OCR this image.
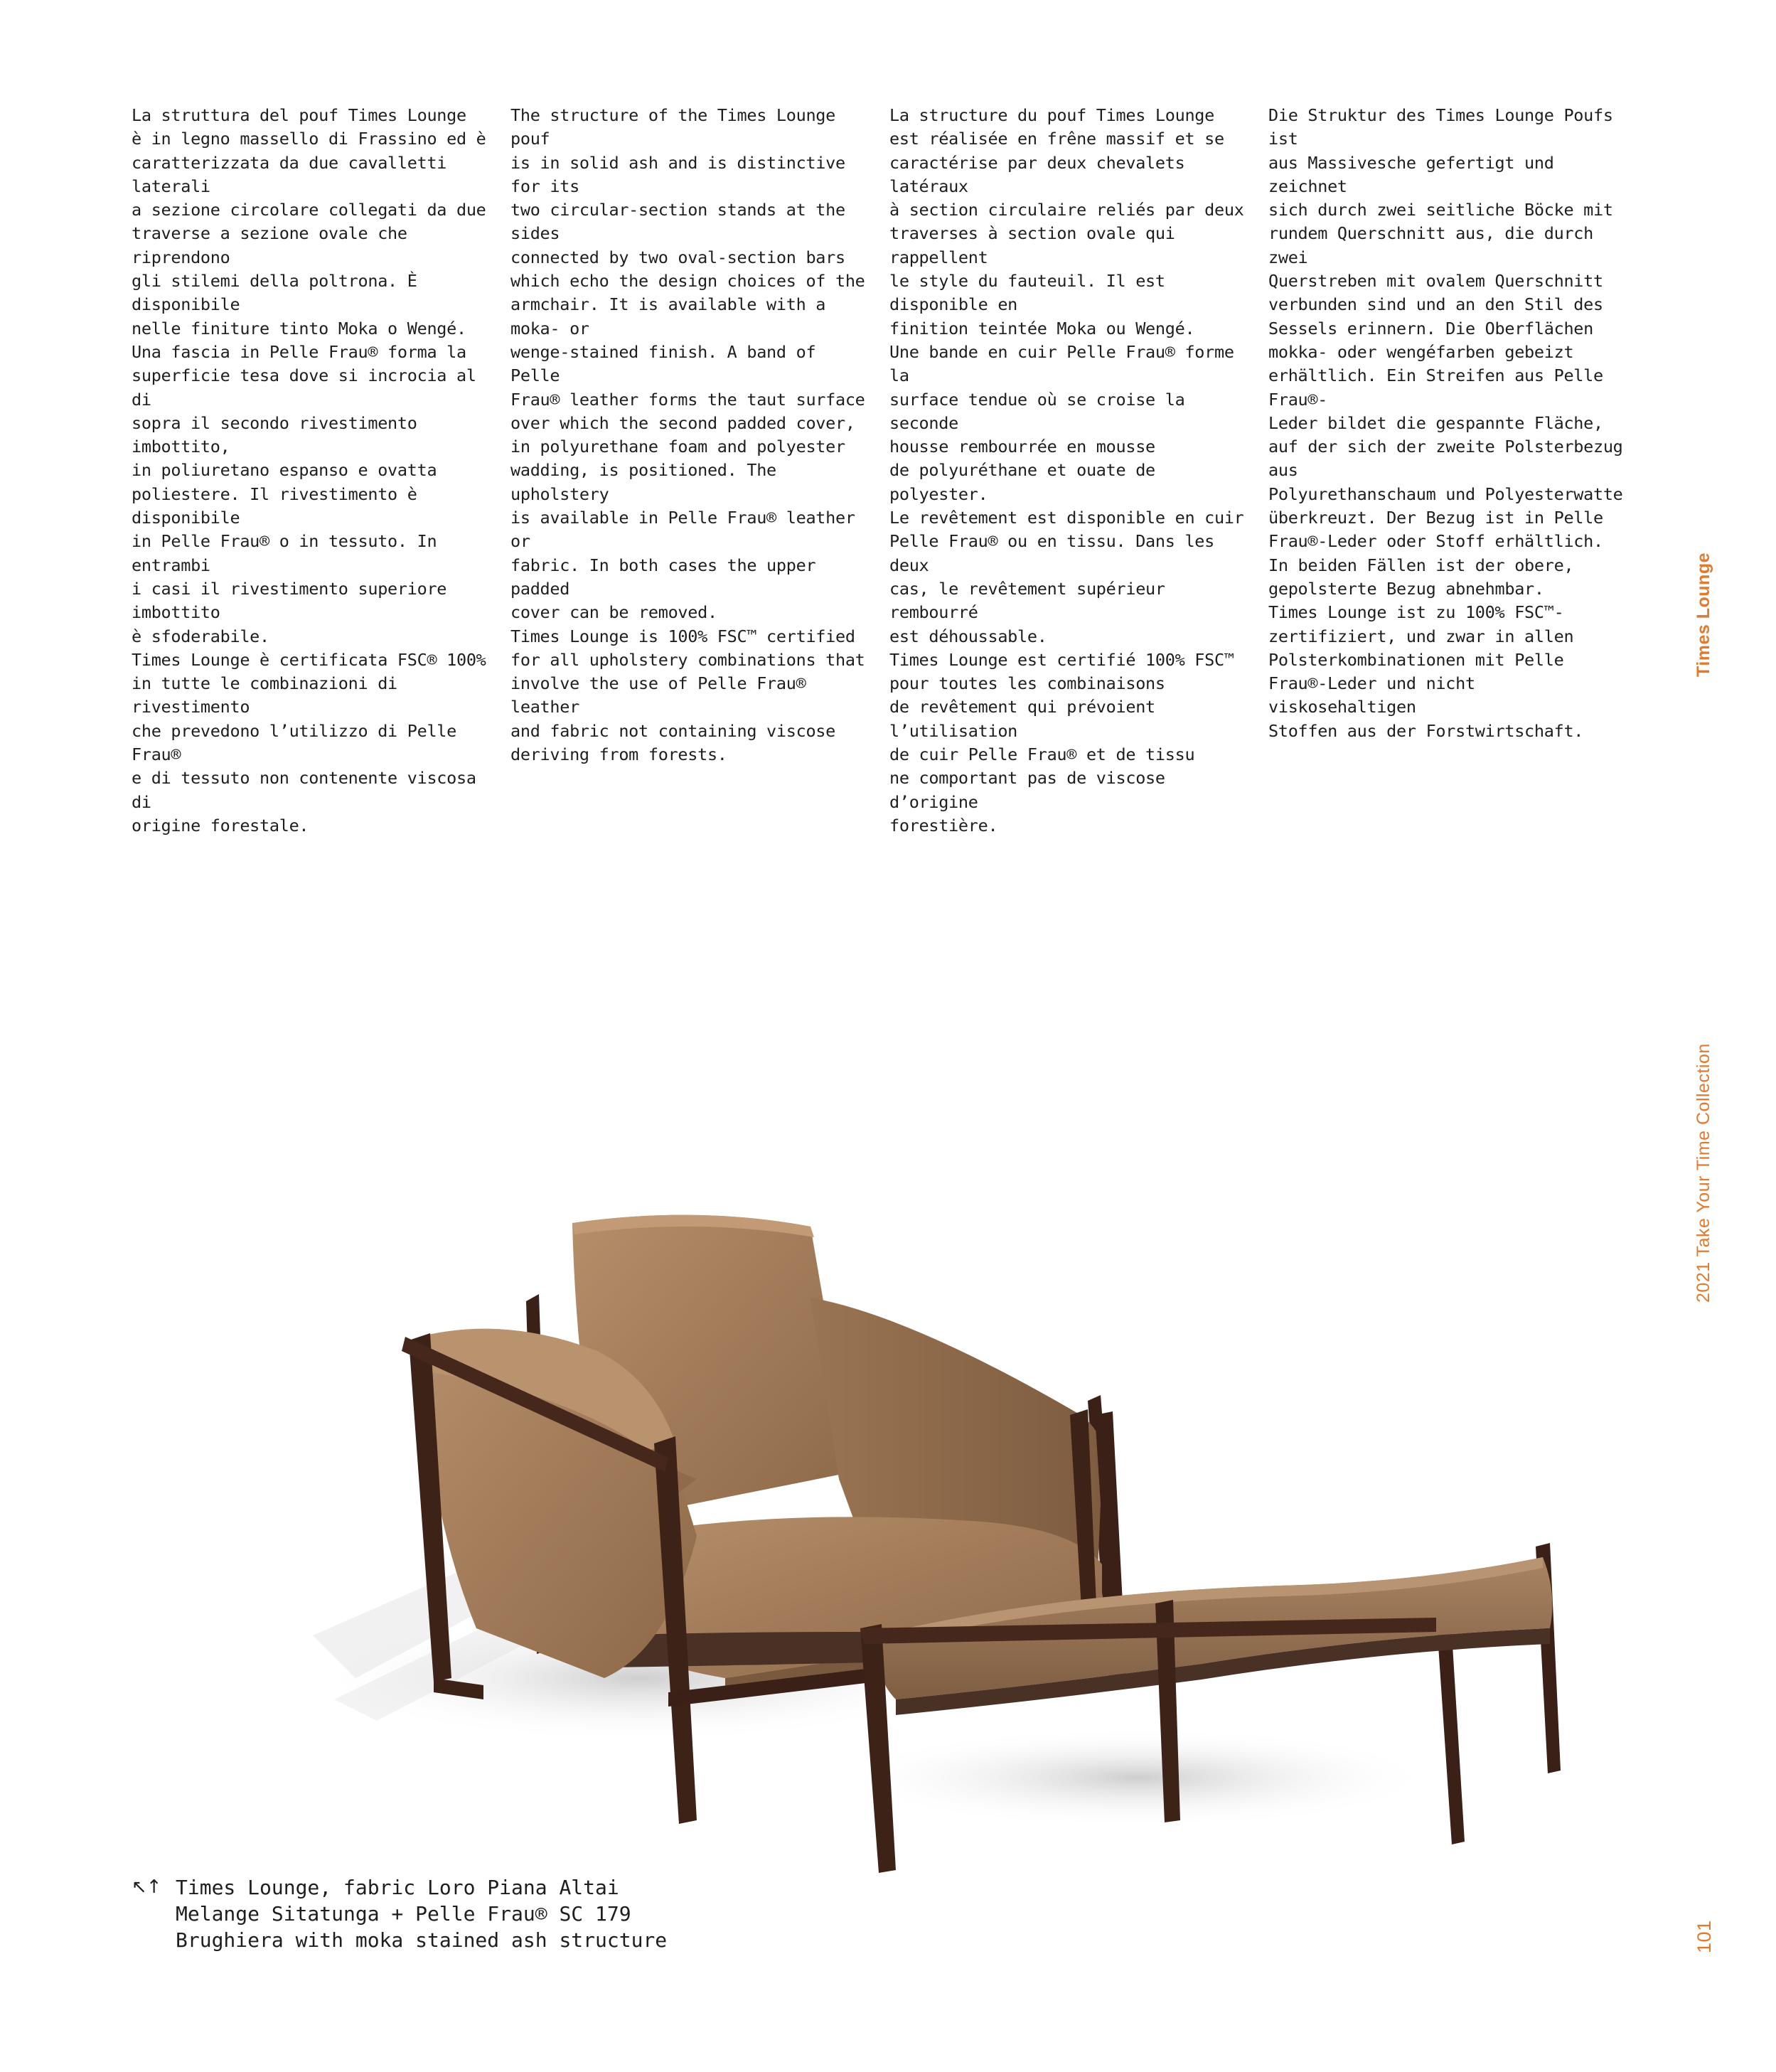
La struttura del pouf Times Lounge
è in legno massello di Frassino ed è
caratterizzata da due cavalletti laterali
a sezione circolare collegati da due
traverse a sezione ovale che riprendono
gli stilemi della poltrona. È disponibile
nelle finiture tinto Moka o Wengé.
Una fascia in Pelle Frau® forma la
superficie tesa dove si incrocia al di
sopra il secondo rivestimento imbottito,
in poliuretano espanso e ovatta
poliestere. Il rivestimento è disponibile
in Pelle Frau® o in tessuto. In entrambi
i casi il rivestimento superiore imbottito
è sfoderabile.
Times Lounge è certificata FSC® 100%
in tutte le combinazioni di rivestimento
che prevedono l’utilizzo di Pelle Frau®
e di tessuto non contenente viscosa di
origine forestale.
The structure of the Times Lounge pouf
is in solid ash and is distinctive for its
two circular-section stands at the sides
connected by two oval-section bars
which echo the design choices of the
armchair. It is available with a moka- or
wenge-stained finish. A band of Pelle
Frau® leather forms the taut surface
over which the second padded cover,
in polyurethane foam and polyester
wadding, is positioned. The upholstery
is available in Pelle Frau® leather or
fabric. In both cases the upper padded
cover can be removed.
Times Lounge is 100% FSC™ certified
for all upholstery combinations that
involve the use of Pelle Frau® leather
and fabric not containing viscose
deriving from forests.
La structure du pouf Times Lounge
est réalisée en frêne massif et se
caractérise par deux chevalets latéraux
à section circulaire reliés par deux
traverses à section ovale qui rappellent
le style du fauteuil. Il est disponible en
finition teintée Moka ou Wengé.
Une bande en cuir Pelle Frau® forme la
surface tendue où se croise la seconde
housse rembourrée en mousse
de polyuréthane et ouate de polyester.
Le revêtement est disponible en cuir
Pelle Frau® ou en tissu. Dans les deux
cas, le revêtement supérieur rembourré
est déhoussable.
Times Lounge est certifié 100% FSC™
pour toutes les combinaisons
de revêtement qui prévoient l’utilisation
de cuir Pelle Frau® et de tissu
ne comportant pas de viscose d’origine
forestière.
Die Struktur des Times Lounge Poufs ist
aus Massivesche gefertigt und zeichnet
sich durch zwei seitliche Böcke mit
rundem Querschnitt aus, die durch zwei
Querstreben mit ovalem Querschnitt
verbunden sind und an den Stil des
Sessels erinnern. Die Oberflächen
mokka- oder wengéfarben gebeizt
erhältlich. Ein Streifen aus Pelle Frau®-
Leder bildet die gespannte Fläche,
auf der sich der zweite Polsterbezug aus
Polyurethanschaum und Polyesterwatte
überkreuzt. Der Bezug ist in Pelle
Frau®-Leder oder Stoff erhältlich.
In beiden Fällen ist der obere,
gepolsterte Bezug abnehmbar.
Times Lounge ist zu 100% FSC™-
zertifiziert, und zwar in allen
Polsterkombinationen mit Pelle
Frau®-Leder und nicht viskosehaltigen
Stoffen aus der Forstwirtschaft.
Times Lounge
2021 Take Your Time Collection
101
↖↑ Times Lounge, fabric Loro Piana Altai Melange Sitatunga + Pelle Frau® SC 179 Brughiera with moka stained ash structure
